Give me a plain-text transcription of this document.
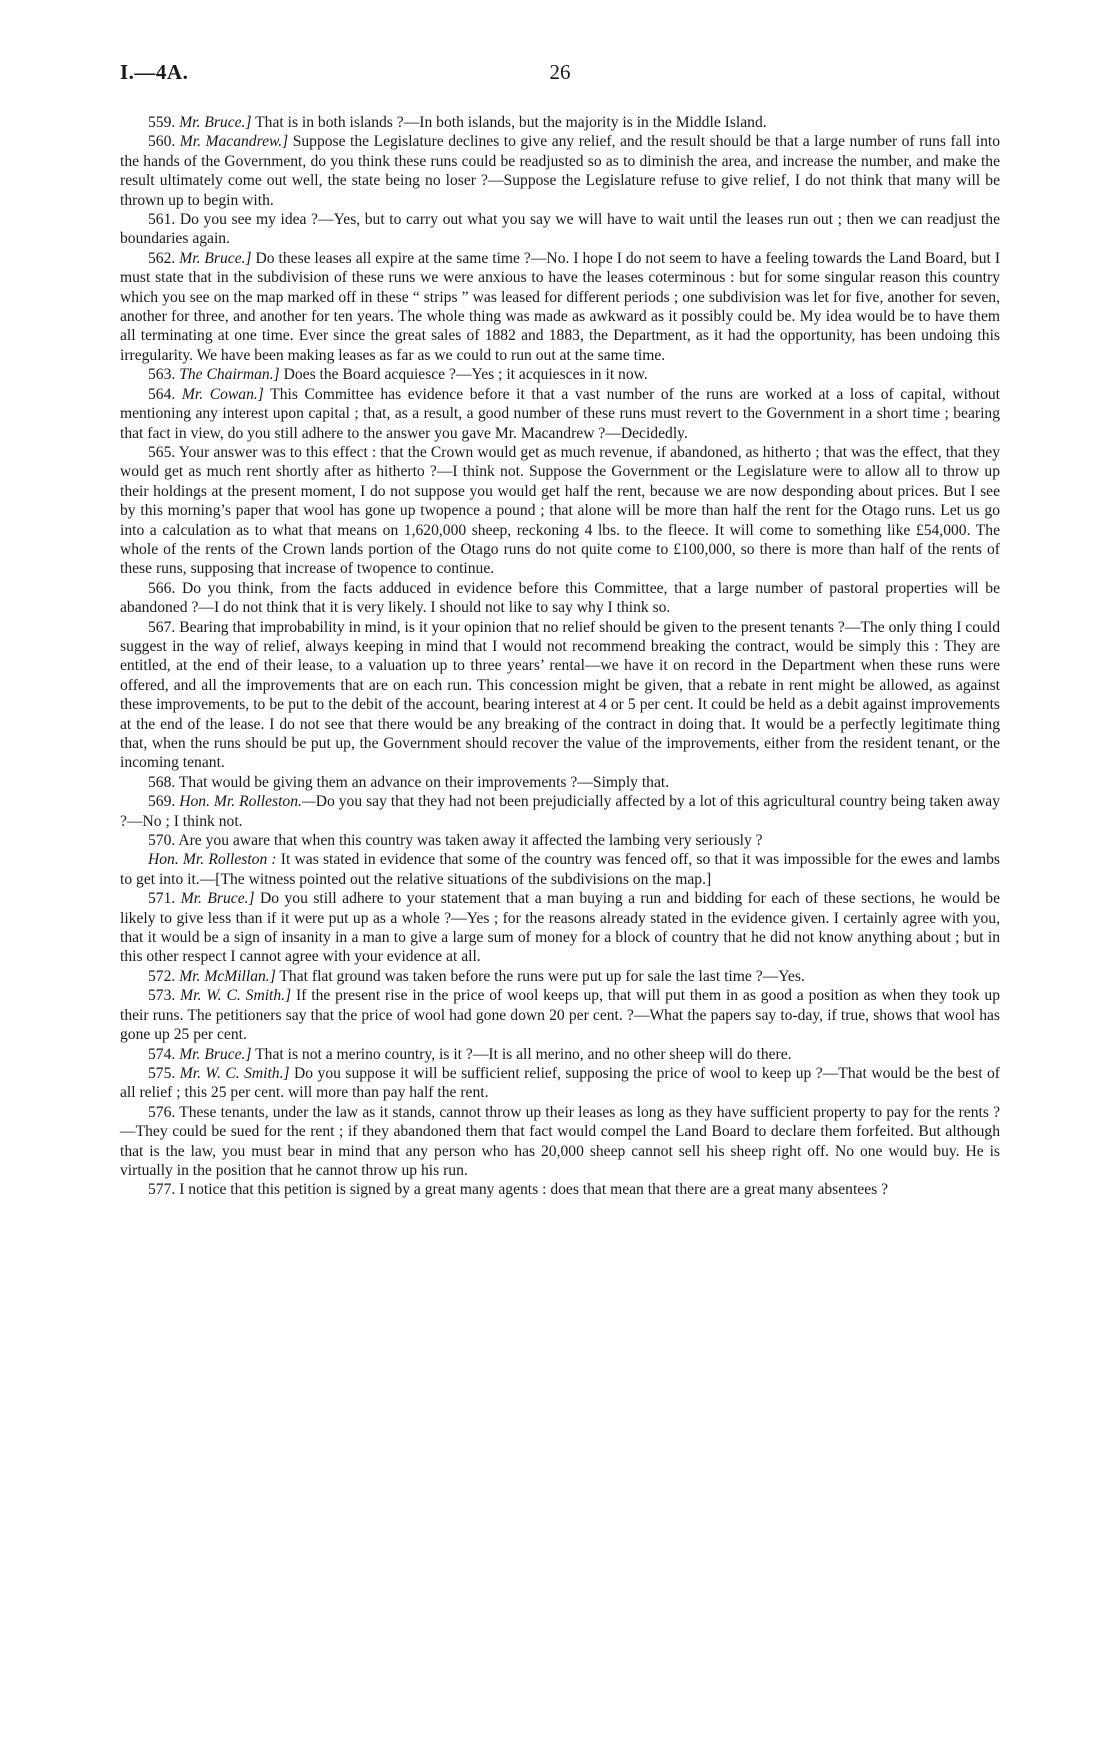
I.—4A.	26

559. Mr. Bruce.] That is in both islands ?—In both islands, but the majority is in the Middle Island.

560. Mr. Macandrew.] Suppose the Legislature declines to give any relief, and the result should be that a large number of runs fall into the hands of the Government, do you think these runs could be readjusted so as to diminish the area, and increase the number, and make the result ultimately come out well, the state being no loser ?—Suppose the Legislature refuse to give relief, I do not think that many will be thrown up to begin with.

561. Do you see my idea ?—Yes, but to carry out what you say we will have to wait until the leases run out ; then we can readjust the boundaries again.

562. Mr. Bruce.] Do these leases all expire at the same time ?—No. I hope I do not seem to have a feeling towards the Land Board, but I must state that in the subdivision of these runs we were anxious to have the leases coterminous : but for some singular reason this country which you see on the map marked off in these “ strips ” was leased for different periods ; one subdivision was let for five, another for seven, another for three, and another for ten years. The whole thing was made as awkward as it possibly could be. My idea would be to have them all terminating at one time. Ever since the great sales of 1882 and 1883, the Department, as it had the opportunity, has been undoing this irregularity. We have been making leases as far as we could to run out at the same time.

563. The Chairman.] Does the Board acquiesce ?—Yes ; it acquiesces in it now.

564. Mr. Cowan.] This Committee has evidence before it that a vast number of the runs are worked at a loss of capital, without mentioning any interest upon capital ; that, as a result, a good number of these runs must revert to the Government in a short time ; bearing that fact in view, do you still adhere to the answer you gave Mr. Macandrew ?—Decidedly.

565. Your answer was to this effect : that the Crown would get as much revenue, if abandoned, as hitherto ; that was the effect, that they would get as much rent shortly after as hitherto ?—I think not. Suppose the Government or the Legislature were to allow all to throw up their holdings at the present moment, I do not suppose you would get half the rent, because we are now desponding about prices. But I see by this morning’s paper that wool has gone up twopence a pound ; that alone will be more than half the rent for the Otago runs. Let us go into a calculation as to what that means on 1,620,000 sheep, reckoning 4 lbs. to the fleece. It will come to something like £54,000. The whole of the rents of the Crown lands portion of the Otago runs do not quite come to £100,000, so there is more than half of the rents of these runs, supposing that increase of twopence to continue.

566. Do you think, from the facts adduced in evidence before this Committee, that a large number of pastoral properties will be abandoned ?—I do not think that it is very likely. I should not like to say why I think so.

567. Bearing that improbability in mind, is it your opinion that no relief should be given to the present tenants ?—The only thing I could suggest in the way of relief, always keeping in mind that I would not recommend breaking the contract, would be simply this : They are entitled, at the end of their lease, to a valuation up to three years’ rental—we have it on record in the Department when these runs were offered, and all the improvements that are on each run. This concession might be given, that a rebate in rent might be allowed, as against these improvements, to be put to the debit of the account, bearing interest at 4 or 5 per cent. It could be held as a debit against improvements at the end of the lease. I do not see that there would be any breaking of the contract in doing that. It would be a perfectly legitimate thing that, when the runs should be put up, the Government should recover the value of the improvements, either from the resident tenant, or the incoming tenant.

568. That would be giving them an advance on their improvements ?—Simply that.

569. Hon. Mr. Rolleston.—Do you say that they had not been prejudicially affected by a lot of this agricultural country being taken away ?—No ; I think not.

570. Are you aware that when this country was taken away it affected the lambing very seriously ?

Hon. Mr. Rolleston : It was stated in evidence that some of the country was fenced off, so that it was impossible for the ewes and lambs to get into it.—[The witness pointed out the relative situations of the subdivisions on the map.]

571. Mr. Bruce.] Do you still adhere to your statement that a man buying a run and bidding for each of these sections, he would be likely to give less than if it were put up as a whole ?—Yes ; for the reasons already stated in the evidence given. I certainly agree with you, that it would be a sign of insanity in a man to give a large sum of money for a block of country that he did not know anything about ; but in this other respect I cannot agree with your evidence at all.

572. Mr. McMillan.] That flat ground was taken before the runs were put up for sale the last time ?—Yes.

573. Mr. W. C. Smith.] If the present rise in the price of wool keeps up, that will put them in as good a position as when they took up their runs. The petitioners say that the price of wool had gone down 20 per cent. ?—What the papers say to-day, if true, shows that wool has gone up 25 per cent.

574. Mr. Bruce.] That is not a merino country, is it ?—It is all merino, and no other sheep will do there.

575. Mr. W. C. Smith.] Do you suppose it will be sufficient relief, supposing the price of wool to keep up ?—That would be the best of all relief ; this 25 per cent. will more than pay half the rent.

576. These tenants, under the law as it stands, cannot throw up their leases as long as they have sufficient property to pay for the rents ?—They could be sued for the rent ; if they abandoned them that fact would compel the Land Board to declare them forfeited. But although that is the law, you must bear in mind that any person who has 20,000 sheep cannot sell his sheep right off. No one would buy. He is virtually in the position that he cannot throw up his run.

577. I notice that this petition is signed by a great many agents : does that mean that there are a great many absentees ?
